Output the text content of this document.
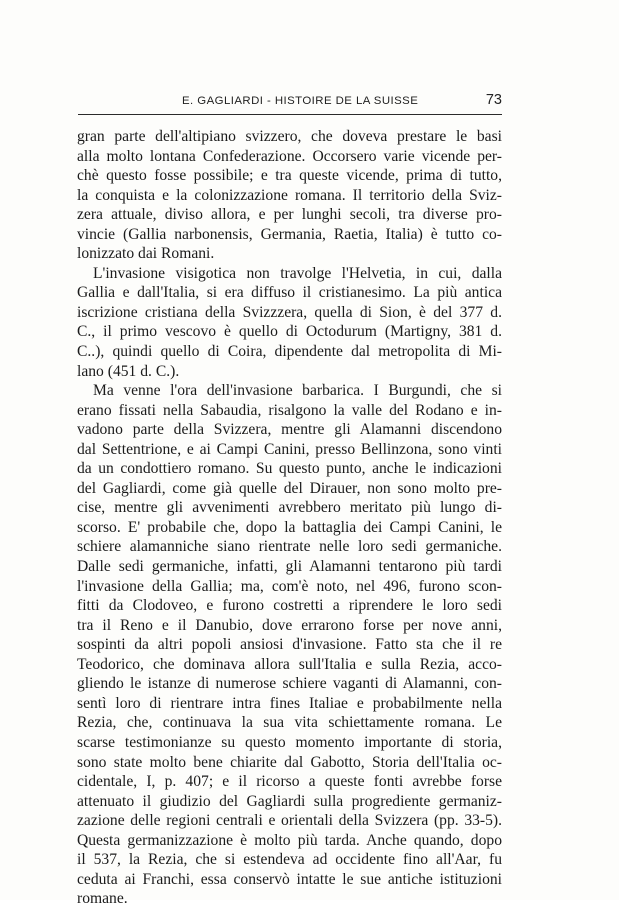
E. GAGLIARDI - HISTOIRE DE LA SUISSE	73
gran parte dell'altipiano svizzero, che doveva prestare le basi
alla molto lontana Confederazione. Occorsero varie vicende per-
chè questo fosse possibile; e tra queste vicende, prima di tutto,
la conquista e la colonizzazione romana. Il territorio della Sviz-
zera attuale, diviso allora, e per lunghi secoli, tra diverse pro-
vincie (Gallia narbonensis, Germania, Raetia, Italia) è tutto co-
lonizzato dai Romani.
L'invasione visigotica non travolge l'Helvetia, in cui, dalla
Gallia e dall'Italia, si era diffuso il cristianesimo. La più antica
iscrizione cristiana della Svizzzera, quella di Sion, è del 377 d.
C., il primo vescovo è quello di Octodurum (Martigny, 381 d.
C..), quindi quello di Coira, dipendente dal metropolita di Mi-
lano (451 d. C.).
Ma venne l'ora dell'invasione barbarica. I Burgundi, che si
erano fissati nella Sabaudia, risalgono la valle del Rodano e in-
vadono parte della Svizzera, mentre gli Alamanni discendono
dal Settentrione, e ai Campi Canini, presso Bellinzona, sono vinti
da un condottiero romano. Su questo punto, anche le indicazioni
del Gagliardi, come già quelle del Dirauer, non sono molto pre-
cise, mentre gli avvenimenti avrebbero meritato più lungo di-
scorso. E' probabile che, dopo la battaglia dei Campi Canini, le
schiere alamanniche siano rientrate nelle loro sedi germaniche.
Dalle sedi germaniche, infatti, gli Alamanni tentarono più tardi
l'invasione della Gallia; ma, com'è noto, nel 496, furono scon-
fitti da Clodoveo, e furono costretti a riprendere le loro sedi
tra il Reno e il Danubio, dove errarono forse per nove anni,
sospinti da altri popoli ansiosi d'invasione. Fatto sta che il re
Teodorico, che dominava allora sull'Italia e sulla Rezia, acco-
gliendo le istanze di numerose schiere vaganti di Alamanni, con-
sentì loro di rientrare intra fines Italiae e probabilmente nella
Rezia, che, continuava la sua vita schiettamente romana. Le
scarse testimonianze su questo momento importante di storia,
sono state molto bene chiarite dal Gabotto, Storia dell'Italia oc-
cidentale, I, p. 407; e il ricorso a queste fonti avrebbe forse
attenuato il giudizio del Gagliardi sulla progrediente germaniz-
zazione delle regioni centrali e orientali della Svizzera (pp. 33-5).
Questa germanizzazione è molto più tarda. Anche quando, dopo
il 537, la Rezia, che si estendeva ad occidente fino all'Aar, fu
ceduta ai Franchi, essa conservò intatte le sue antiche istituzioni
romane.
